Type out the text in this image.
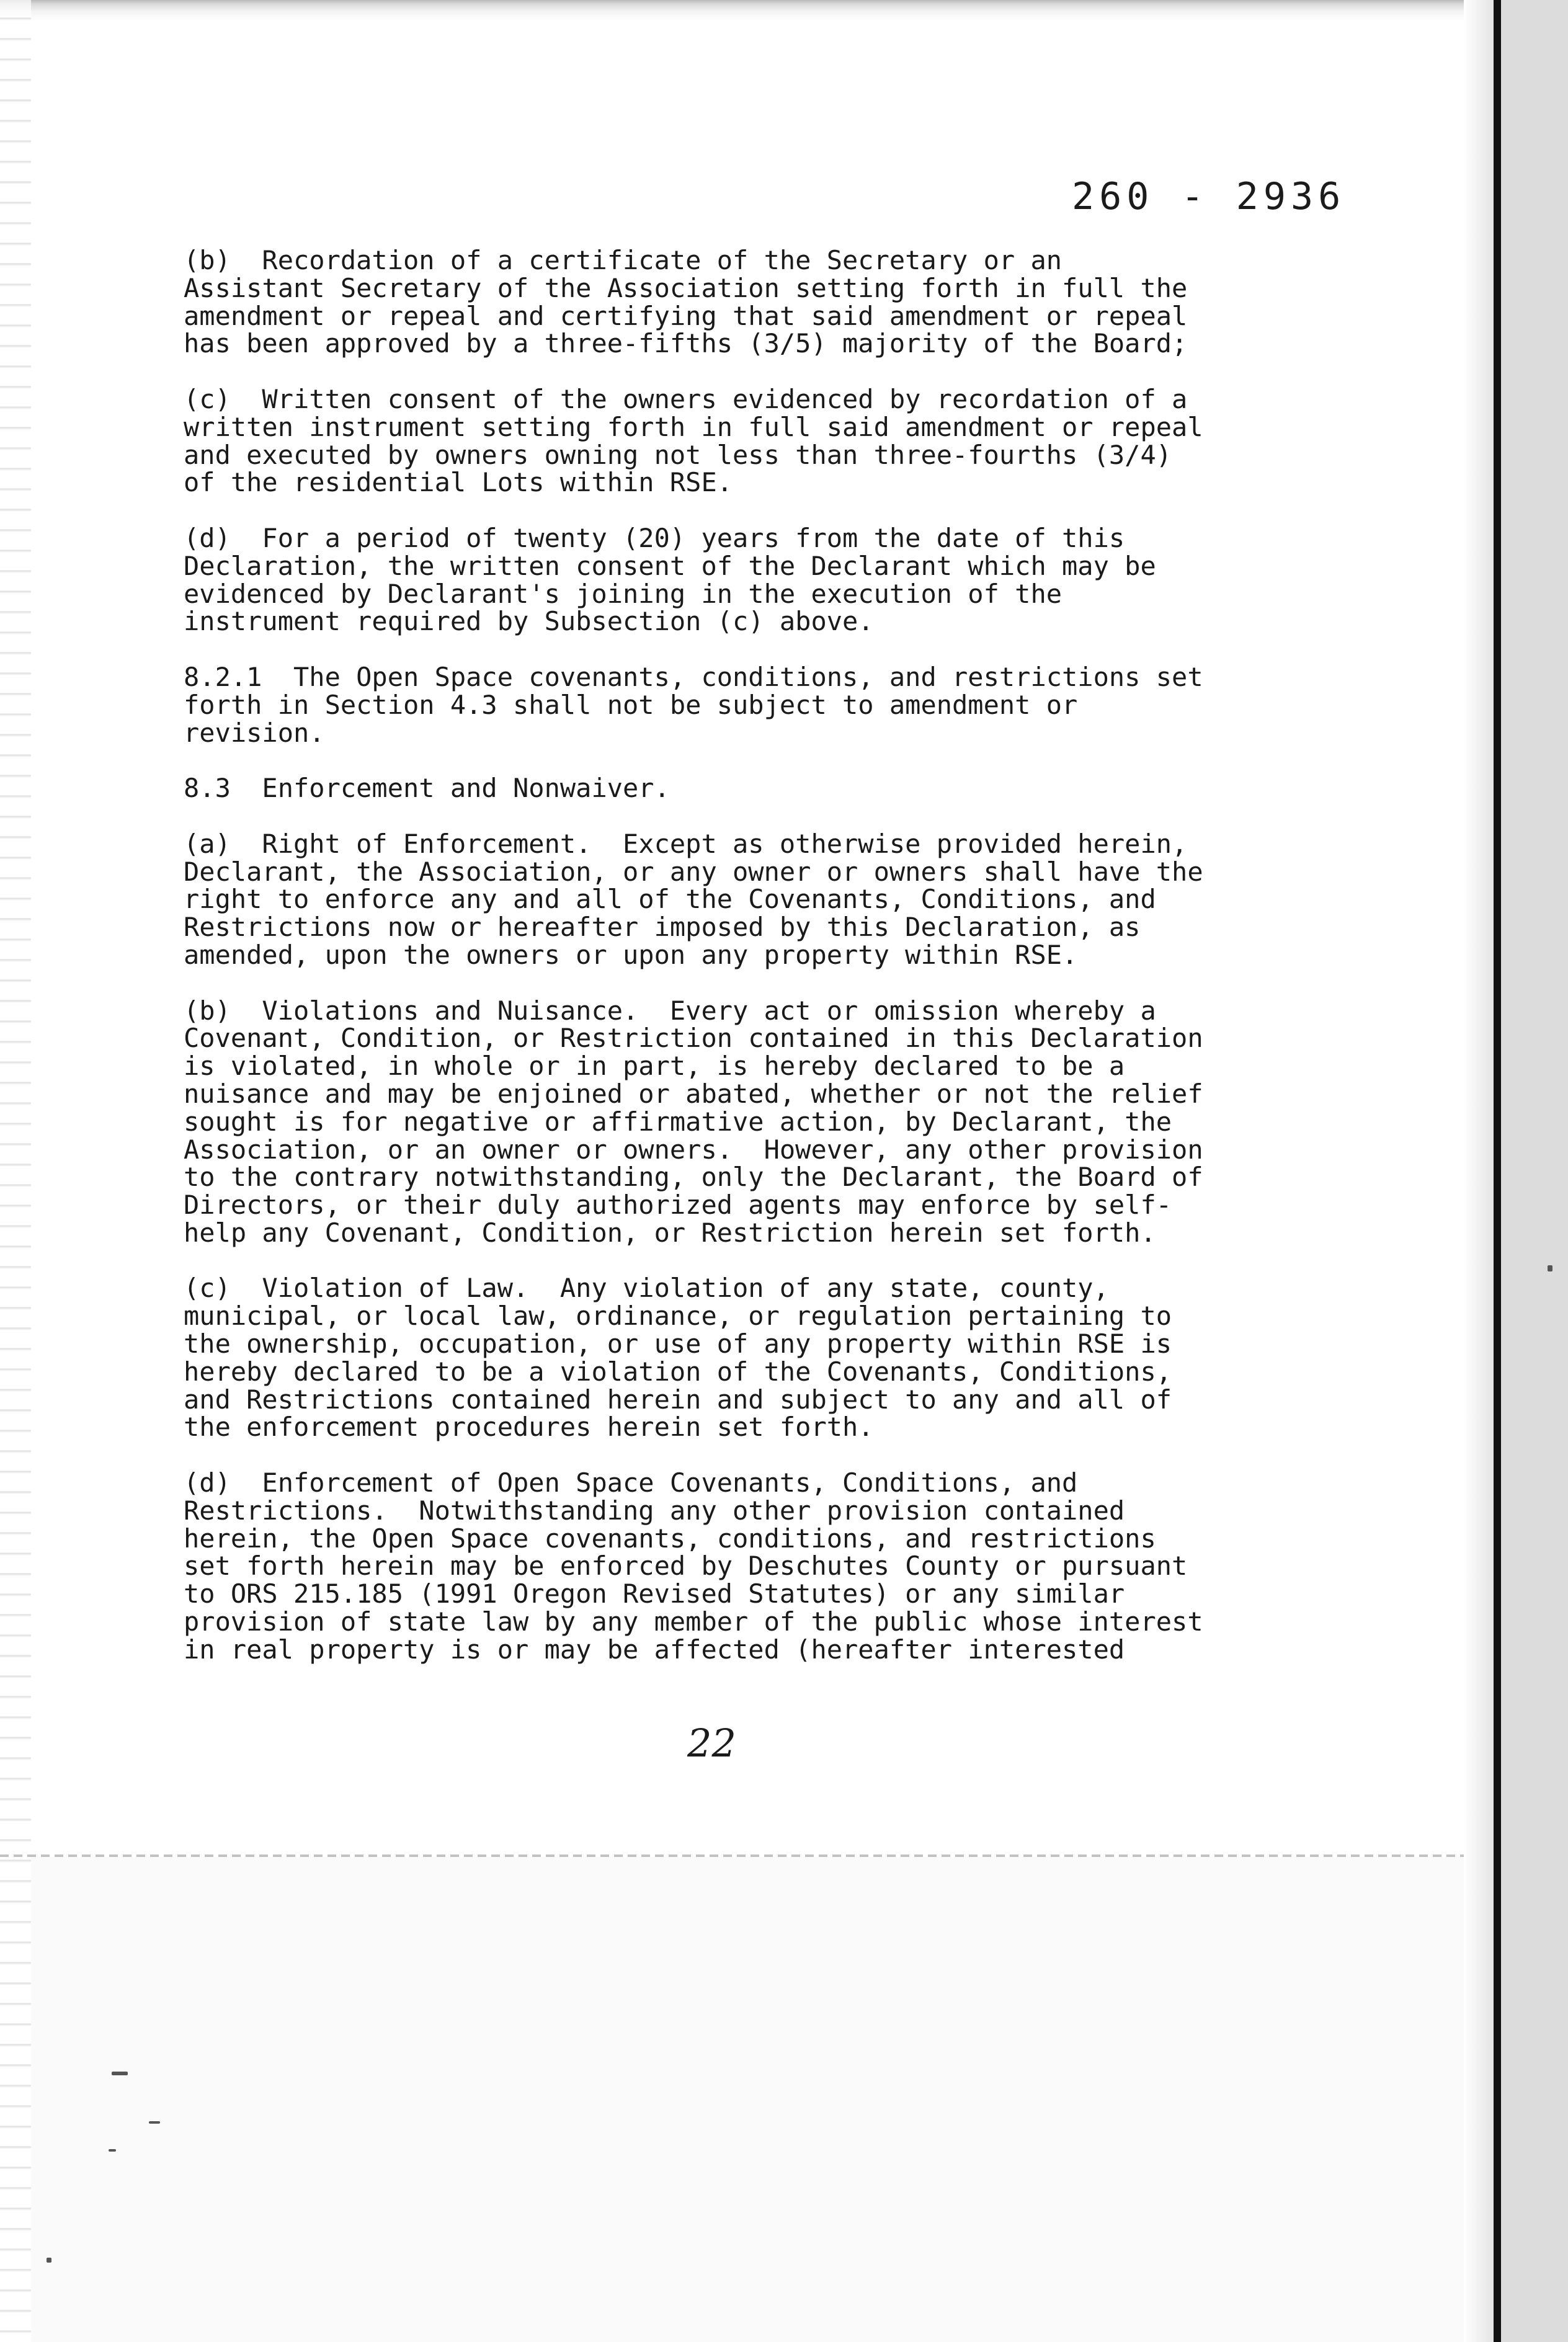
260 - 2936
(b)  Recordation of a certificate of the Secretary or an
Assistant Secretary of the Association setting forth in full the
amendment or repeal and certifying that said amendment or repeal
has been approved by a three-fifths (3/5) majority of the Board;
(c)  Written consent of the owners evidenced by recordation of a
written instrument setting forth in full said amendment or repeal
and executed by owners owning not less than three-fourths (3/4)
of the residential Lots within RSE.
(d)  For a period of twenty (20) years from the date of this
Declaration, the written consent of the Declarant which may be
evidenced by Declarant's joining in the execution of the
instrument required by Subsection (c) above.
8.2.1  The Open Space covenants, conditions, and restrictions set
forth in Section 4.3 shall not be subject to amendment or
revision.
8.3  Enforcement and Nonwaiver.
(a)  Right of Enforcement.  Except as otherwise provided herein,
Declarant, the Association, or any owner or owners shall have the
right to enforce any and all of the Covenants, Conditions, and
Restrictions now or hereafter imposed by this Declaration, as
amended, upon the owners or upon any property within RSE.
(b)  Violations and Nuisance.  Every act or omission whereby a
Covenant, Condition, or Restriction contained in this Declaration
is violated, in whole or in part, is hereby declared to be a
nuisance and may be enjoined or abated, whether or not the relief
sought is for negative or affirmative action, by Declarant, the
Association, or an owner or owners.  However, any other provision
to the contrary notwithstanding, only the Declarant, the Board of
Directors, or their duly authorized agents may enforce by self-
help any Covenant, Condition, or Restriction herein set forth.
(c)  Violation of Law.  Any violation of any state, county,
municipal, or local law, ordinance, or regulation pertaining to
the ownership, occupation, or use of any property within RSE is
hereby declared to be a violation of the Covenants, Conditions,
and Restrictions contained herein and subject to any and all of
the enforcement procedures herein set forth.
(d)  Enforcement of Open Space Covenants, Conditions, and
Restrictions.  Notwithstanding any other provision contained
herein, the Open Space covenants, conditions, and restrictions
set forth herein may be enforced by Deschutes County or pursuant
to ORS 215.185 (1991 Oregon Revised Statutes) or any similar
provision of state law by any member of the public whose interest
in real property is or may be affected (hereafter interested
22
